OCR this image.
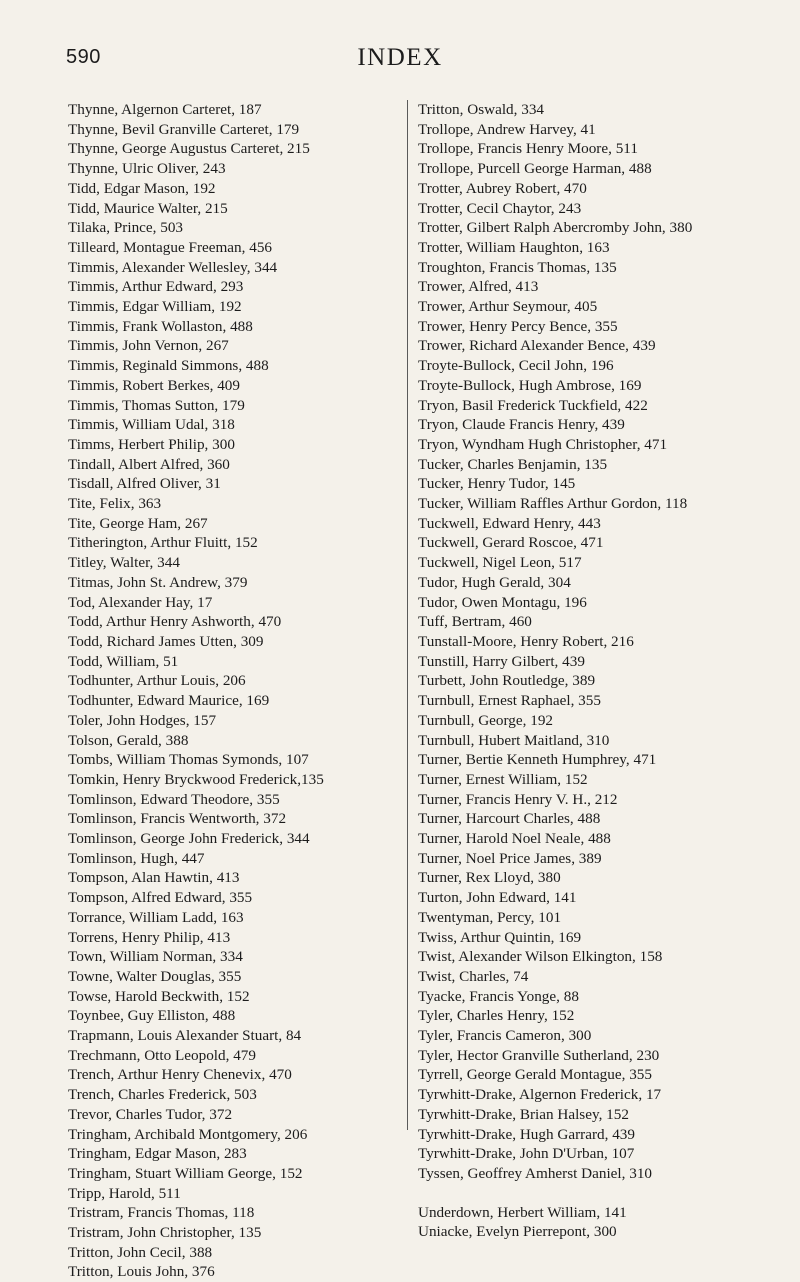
590	INDEX
Thynne, Algernon Carteret, 187
Thynne, Bevil Granville Carteret, 179
Thynne, George Augustus Carteret, 215
Thynne, Ulric Oliver, 243
Tidd, Edgar Mason, 192
Tidd, Maurice Walter, 215
Tilaka, Prince, 503
Tilleard, Montague Freeman, 456
Timmis, Alexander Wellesley, 344
Timmis, Arthur Edward, 293
Timmis, Edgar William, 192
Timmis, Frank Wollaston, 488
Timmis, John Vernon, 267
Timmis, Reginald Simmons, 488
Timmis, Robert Berkes, 409
Timmis, Thomas Sutton, 179
Timmis, William Udal, 318
Timms, Herbert Philip, 300
Tindall, Albert Alfred, 360
Tisdall, Alfred Oliver, 31
Tite, Felix, 363
Tite, George Ham, 267
Titherington, Arthur Fluitt, 152
Titley, Walter, 344
Titmas, John St. Andrew, 379
Tod, Alexander Hay, 17
Todd, Arthur Henry Ashworth, 470
Todd, Richard James Utten, 309
Todd, William, 51
Todhunter, Arthur Louis, 206
Todhunter, Edward Maurice, 169
Toler, John Hodges, 157
Tolson, Gerald, 388
Tombs, William Thomas Symonds, 107
Tomkin, Henry Bryckwood Frederick,135
Tomlinson, Edward Theodore, 355
Tomlinson, Francis Wentworth, 372
Tomlinson, George John Frederick, 344
Tomlinson, Hugh, 447
Tompson, Alan Hawtin, 413
Tompson, Alfred Edward, 355
Torrance, William Ladd, 163
Torrens, Henry Philip, 413
Town, William Norman, 334
Towne, Walter Douglas, 355
Towse, Harold Beckwith, 152
Toynbee, Guy Elliston, 488
Trapmann, Louis Alexander Stuart, 84
Trechmann, Otto Leopold, 479
Trench, Arthur Henry Chenevix, 470
Trench, Charles Frederick, 503
Trevor, Charles Tudor, 372
Tringham, Archibald Montgomery, 206
Tringham, Edgar Mason, 283
Tringham, Stuart William George, 152
Tripp, Harold, 511
Tristram, Francis Thomas, 118
Tristram, John Christopher, 135
Tritton, John Cecil, 388
Tritton, Louis John, 376
Tritton, Oswald, 334
Trollope, Andrew Harvey, 41
Trollope, Francis Henry Moore, 511
Trollope, Purcell George Harman, 488
Trotter, Aubrey Robert, 470
Trotter, Cecil Chaytor, 243
Trotter, Gilbert Ralph Abercromby John, 380
Trotter, William Haughton, 163
Troughton, Francis Thomas, 135
Trower, Alfred, 413
Trower, Arthur Seymour, 405
Trower, Henry Percy Bence, 355
Trower, Richard Alexander Bence, 439
Troyte-Bullock, Cecil John, 196
Troyte-Bullock, Hugh Ambrose, 169
Tryon, Basil Frederick Tuckfield, 422
Tryon, Claude Francis Henry, 439
Tryon, Wyndham Hugh Christopher, 471
Tucker, Charles Benjamin, 135
Tucker, Henry Tudor, 145
Tucker, William Raffles Arthur Gordon, 118
Tuckwell, Edward Henry, 443
Tuckwell, Gerard Roscoe, 471
Tuckwell, Nigel Leon, 517
Tudor, Hugh Gerald, 304
Tudor, Owen Montagu, 196
Tuff, Bertram, 460
Tunstall-Moore, Henry Robert, 216
Tunstill, Harry Gilbert, 439
Turbett, John Routledge, 389
Turnbull, Ernest Raphael, 355
Turnbull, George, 192
Turnbull, Hubert Maitland, 310
Turner, Bertie Kenneth Humphrey, 471
Turner, Ernest William, 152
Turner, Francis Henry V. H., 212
Turner, Harcourt Charles, 488
Turner, Harold Noel Neale, 488
Turner, Noel Price James, 389
Turner, Rex Lloyd, 380
Turton, John Edward, 141
Twentyman, Percy, 101
Twiss, Arthur Quintin, 169
Twist, Alexander Wilson Elkington, 158
Twist, Charles, 74
Tyacke, Francis Yonge, 88
Tyler, Charles Henry, 152
Tyler, Francis Cameron, 300
Tyler, Hector Granville Sutherland, 230
Tyrrell, George Gerald Montague, 355
Tyrwhitt-Drake, Algernon Frederick, 17
Tyrwhitt-Drake, Brian Halsey, 152
Tyrwhitt-Drake, Hugh Garrard, 439
Tyrwhitt-Drake, John D'Urban, 107
Tyssen, Geoffrey Amherst Daniel, 310
Underdown, Herbert William, 141
Uniacke, Evelyn Pierrepont, 300
